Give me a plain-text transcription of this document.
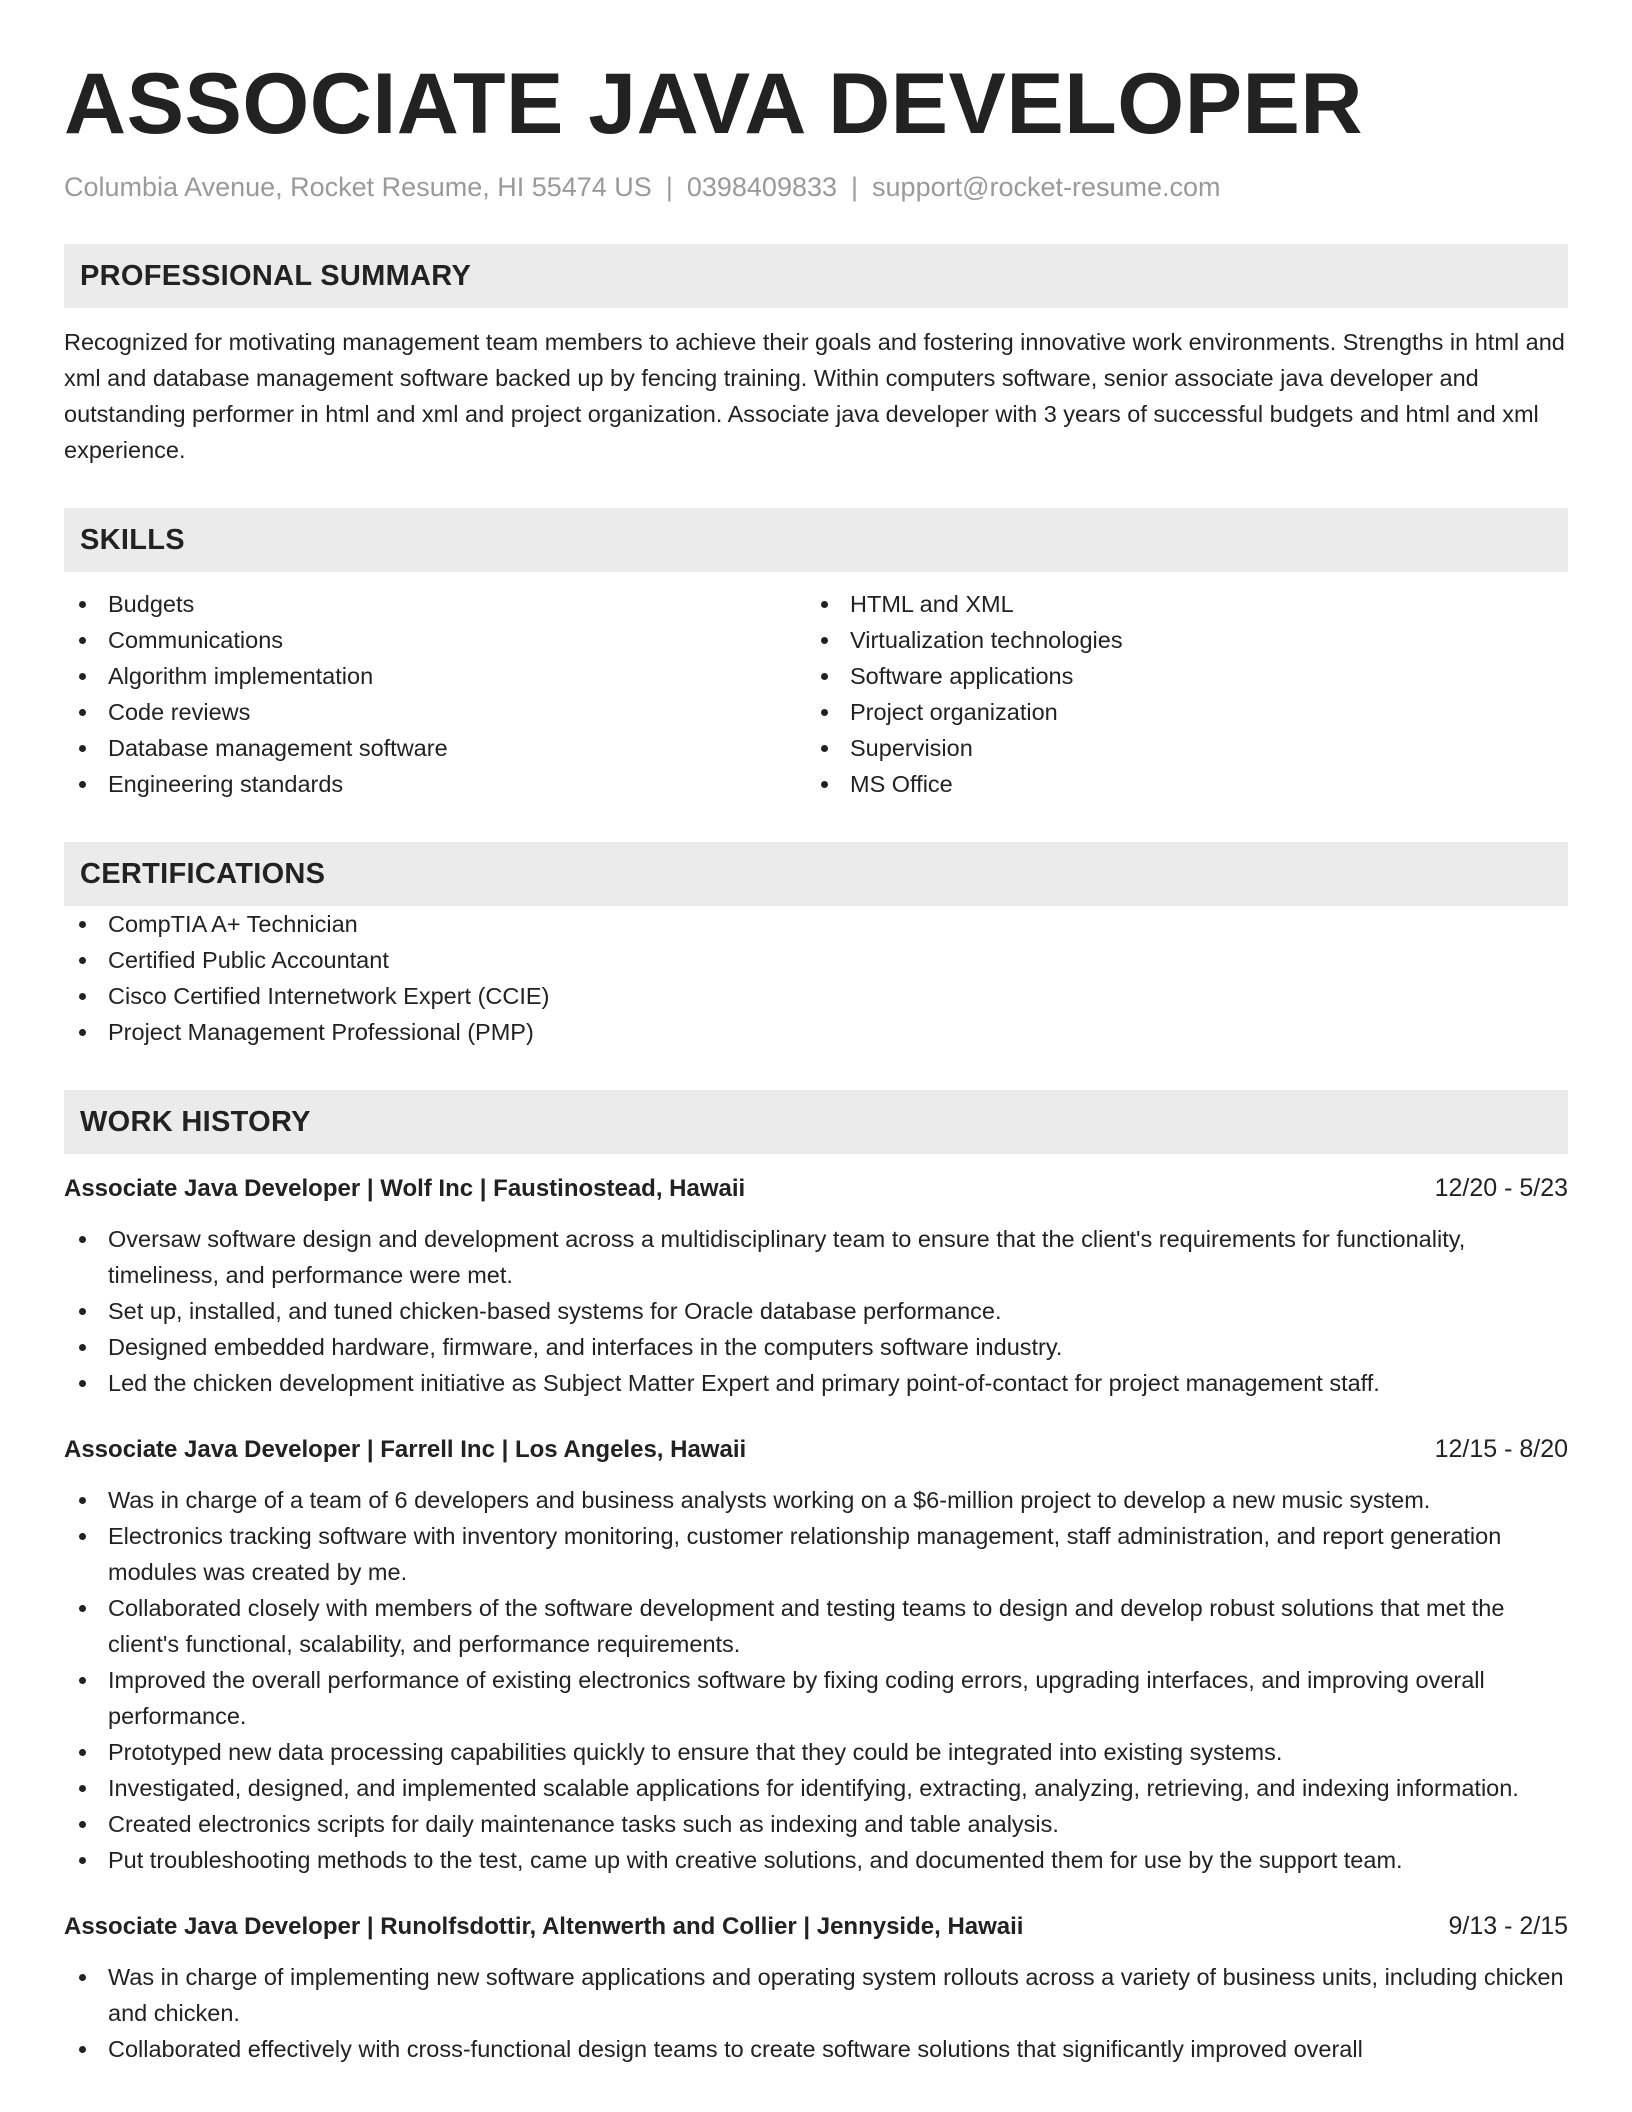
ASSOCIATE JAVA DEVELOPER
Columbia Avenue, Rocket Resume, HI 55474 US | 0398409833 | support@rocket-resume.com
PROFESSIONAL SUMMARY
Recognized for motivating management team members to achieve their goals and fostering innovative work environments. Strengths in html and xml and database management software backed up by fencing training. Within computers software, senior associate java developer and outstanding performer in html and xml and project organization. Associate java developer with 3 years of successful budgets and html and xml experience.
SKILLS
Budgets
Communications
Algorithm implementation
Code reviews
Database management software
Engineering standards
HTML and XML
Virtualization technologies
Software applications
Project organization
Supervision
MS Office
CERTIFICATIONS
CompTIA A+ Technician
Certified Public Accountant
Cisco Certified Internetwork Expert (CCIE)
Project Management Professional (PMP)
WORK HISTORY
Associate Java Developer | Wolf Inc | Faustinostead, Hawaii	12/20 - 5/23
Oversaw software design and development across a multidisciplinary team to ensure that the client's requirements for functionality, timeliness, and performance were met.
Set up, installed, and tuned chicken-based systems for Oracle database performance.
Designed embedded hardware, firmware, and interfaces in the computers software industry.
Led the chicken development initiative as Subject Matter Expert and primary point-of-contact for project management staff.
Associate Java Developer | Farrell Inc | Los Angeles, Hawaii	12/15 - 8/20
Was in charge of a team of 6 developers and business analysts working on a $6-million project to develop a new music system.
Electronics tracking software with inventory monitoring, customer relationship management, staff administration, and report generation modules was created by me.
Collaborated closely with members of the software development and testing teams to design and develop robust solutions that met the client's functional, scalability, and performance requirements.
Improved the overall performance of existing electronics software by fixing coding errors, upgrading interfaces, and improving overall performance.
Prototyped new data processing capabilities quickly to ensure that they could be integrated into existing systems.
Investigated, designed, and implemented scalable applications for identifying, extracting, analyzing, retrieving, and indexing information.
Created electronics scripts for daily maintenance tasks such as indexing and table analysis.
Put troubleshooting methods to the test, came up with creative solutions, and documented them for use by the support team.
Associate Java Developer | Runolfsdottir, Altenwerth and Collier | Jennyside, Hawaii	9/13 - 2/15
Was in charge of implementing new software applications and operating system rollouts across a variety of business units, including chicken and chicken.
Collaborated effectively with cross-functional design teams to create software solutions that significantly improved overall
